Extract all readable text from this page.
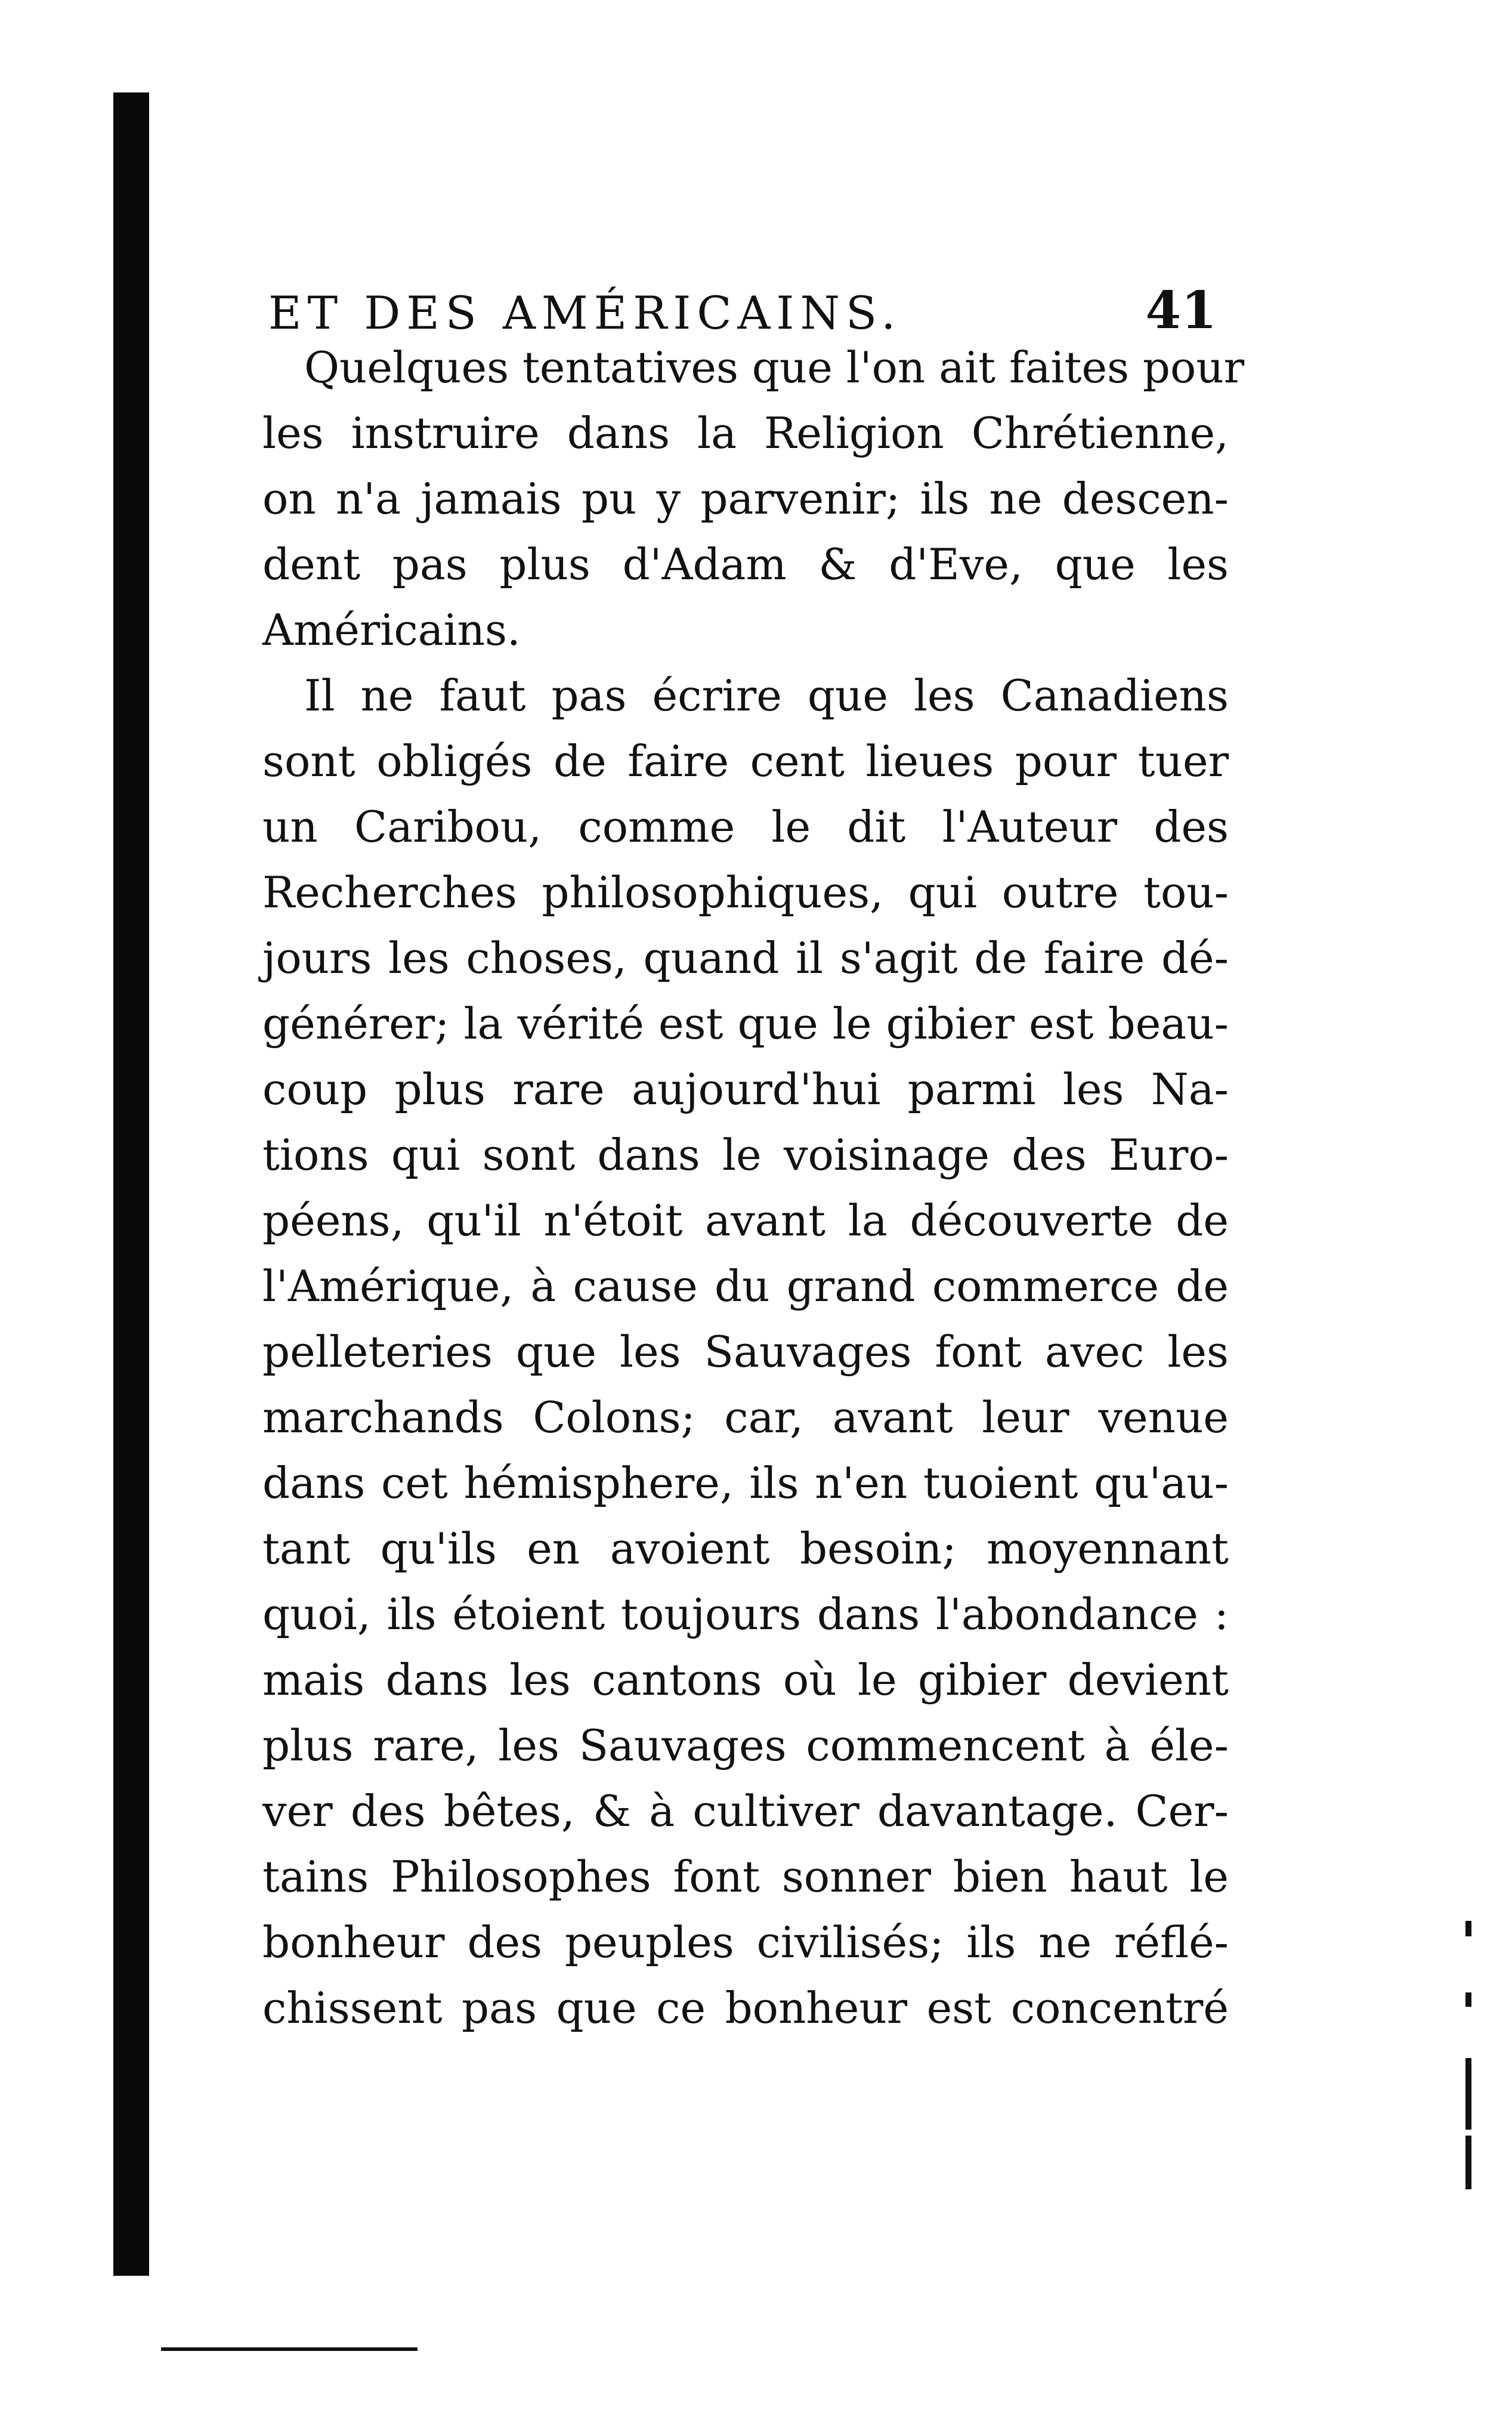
ET DES AMÉRICAINS.	41
Quelques tentatives que l'on ait faites pour
les instruire dans la Religion Chrétienne,
on n'a jamais pu y parvenir; ils ne descen-
dent pas plus d'Adam & d'Eve, que les
Américains.
Il ne faut pas écrire que les Canadiens
sont obligés de faire cent lieues pour tuer
un Caribou, comme le dit l'Auteur des
Recherches philosophiques, qui outre tou-
jours les choses, quand il s'agit de faire dé-
générer; la vérité est que le gibier est beau-
coup plus rare aujourd'hui parmi les Na-
tions qui sont dans le voisinage des Euro-
péens, qu'il n'étoit avant la découverte de
l'Amérique, à cause du grand commerce de
pelleteries que les Sauvages font avec les
marchands Colons; car, avant leur venue
dans cet hémisphere, ils n'en tuoient qu'au-
tant qu'ils en avoient besoin; moyennant
quoi, ils étoient toujours dans l'abondance :
mais dans les cantons où le gibier devient
plus rare, les Sauvages commencent à éle-
ver des bêtes, & à cultiver davantage. Cer-
tains Philosophes font sonner bien haut le
bonheur des peuples civilisés; ils ne réflé-
chissent pas que ce bonheur est concentré
